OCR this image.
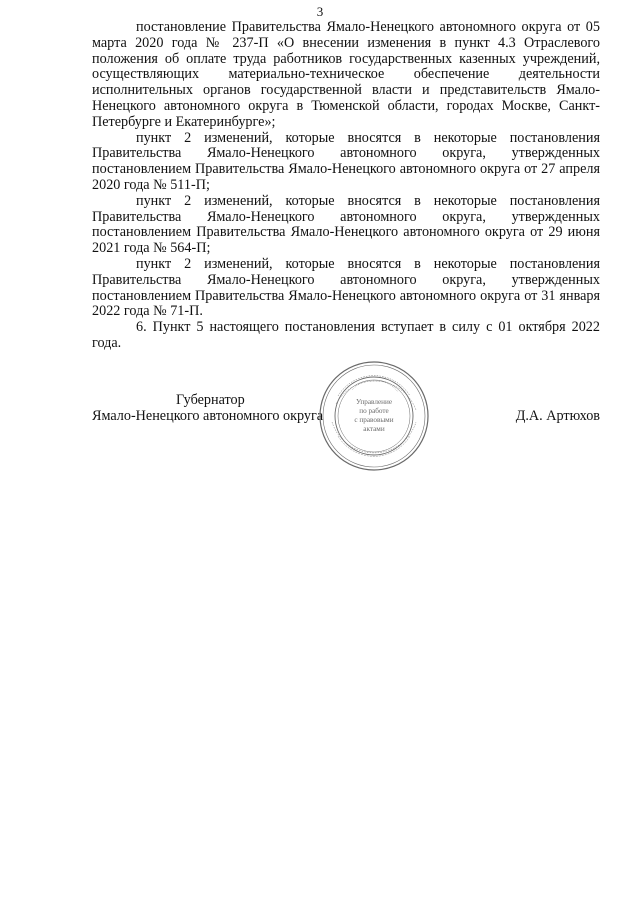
3

постановление Правительства Ямало-Ненецкого автономного округа от 05 марта 2020 года № 237-П «О внесении изменения в пункт 4.3 Отраслевого положения об оплате труда работников государственных казенных учреждений, осуществляющих материально-техническое обеспечение деятельности исполнительных органов государственной власти и представительств Ямало-Ненецкого автономного округа в Тюменской области, городах Москве, Санкт-Петербурге и Екатеринбурге»;

пункт 2 изменений, которые вносятся в некоторые постановления Правительства Ямало-Ненецкого автономного округа, утвержденных постановлением Правительства Ямало-Ненецкого автономного округа от 27 апреля 2020 года № 511-П;

пункт 2 изменений, которые вносятся в некоторые постановления Правительства Ямало-Ненецкого автономного округа, утвержденных постановлением Правительства Ямало-Ненецкого автономного округа от 29 июня 2021 года № 564-П;

пункт 2 изменений, которые вносятся в некоторые постановления Правительства Ямало-Ненецкого автономного округа, утвержденных постановлением Правительства Ямало-Ненецкого автономного округа от 31 января 2022 года № 71-П.

6. Пункт 5 настоящего постановления вступает в силу с 01 октября 2022 года.

Губернатор
Ямало-Ненецкого автономного округа	Д.А. Артюхов
Управление
по работе
с правовыми
актами
